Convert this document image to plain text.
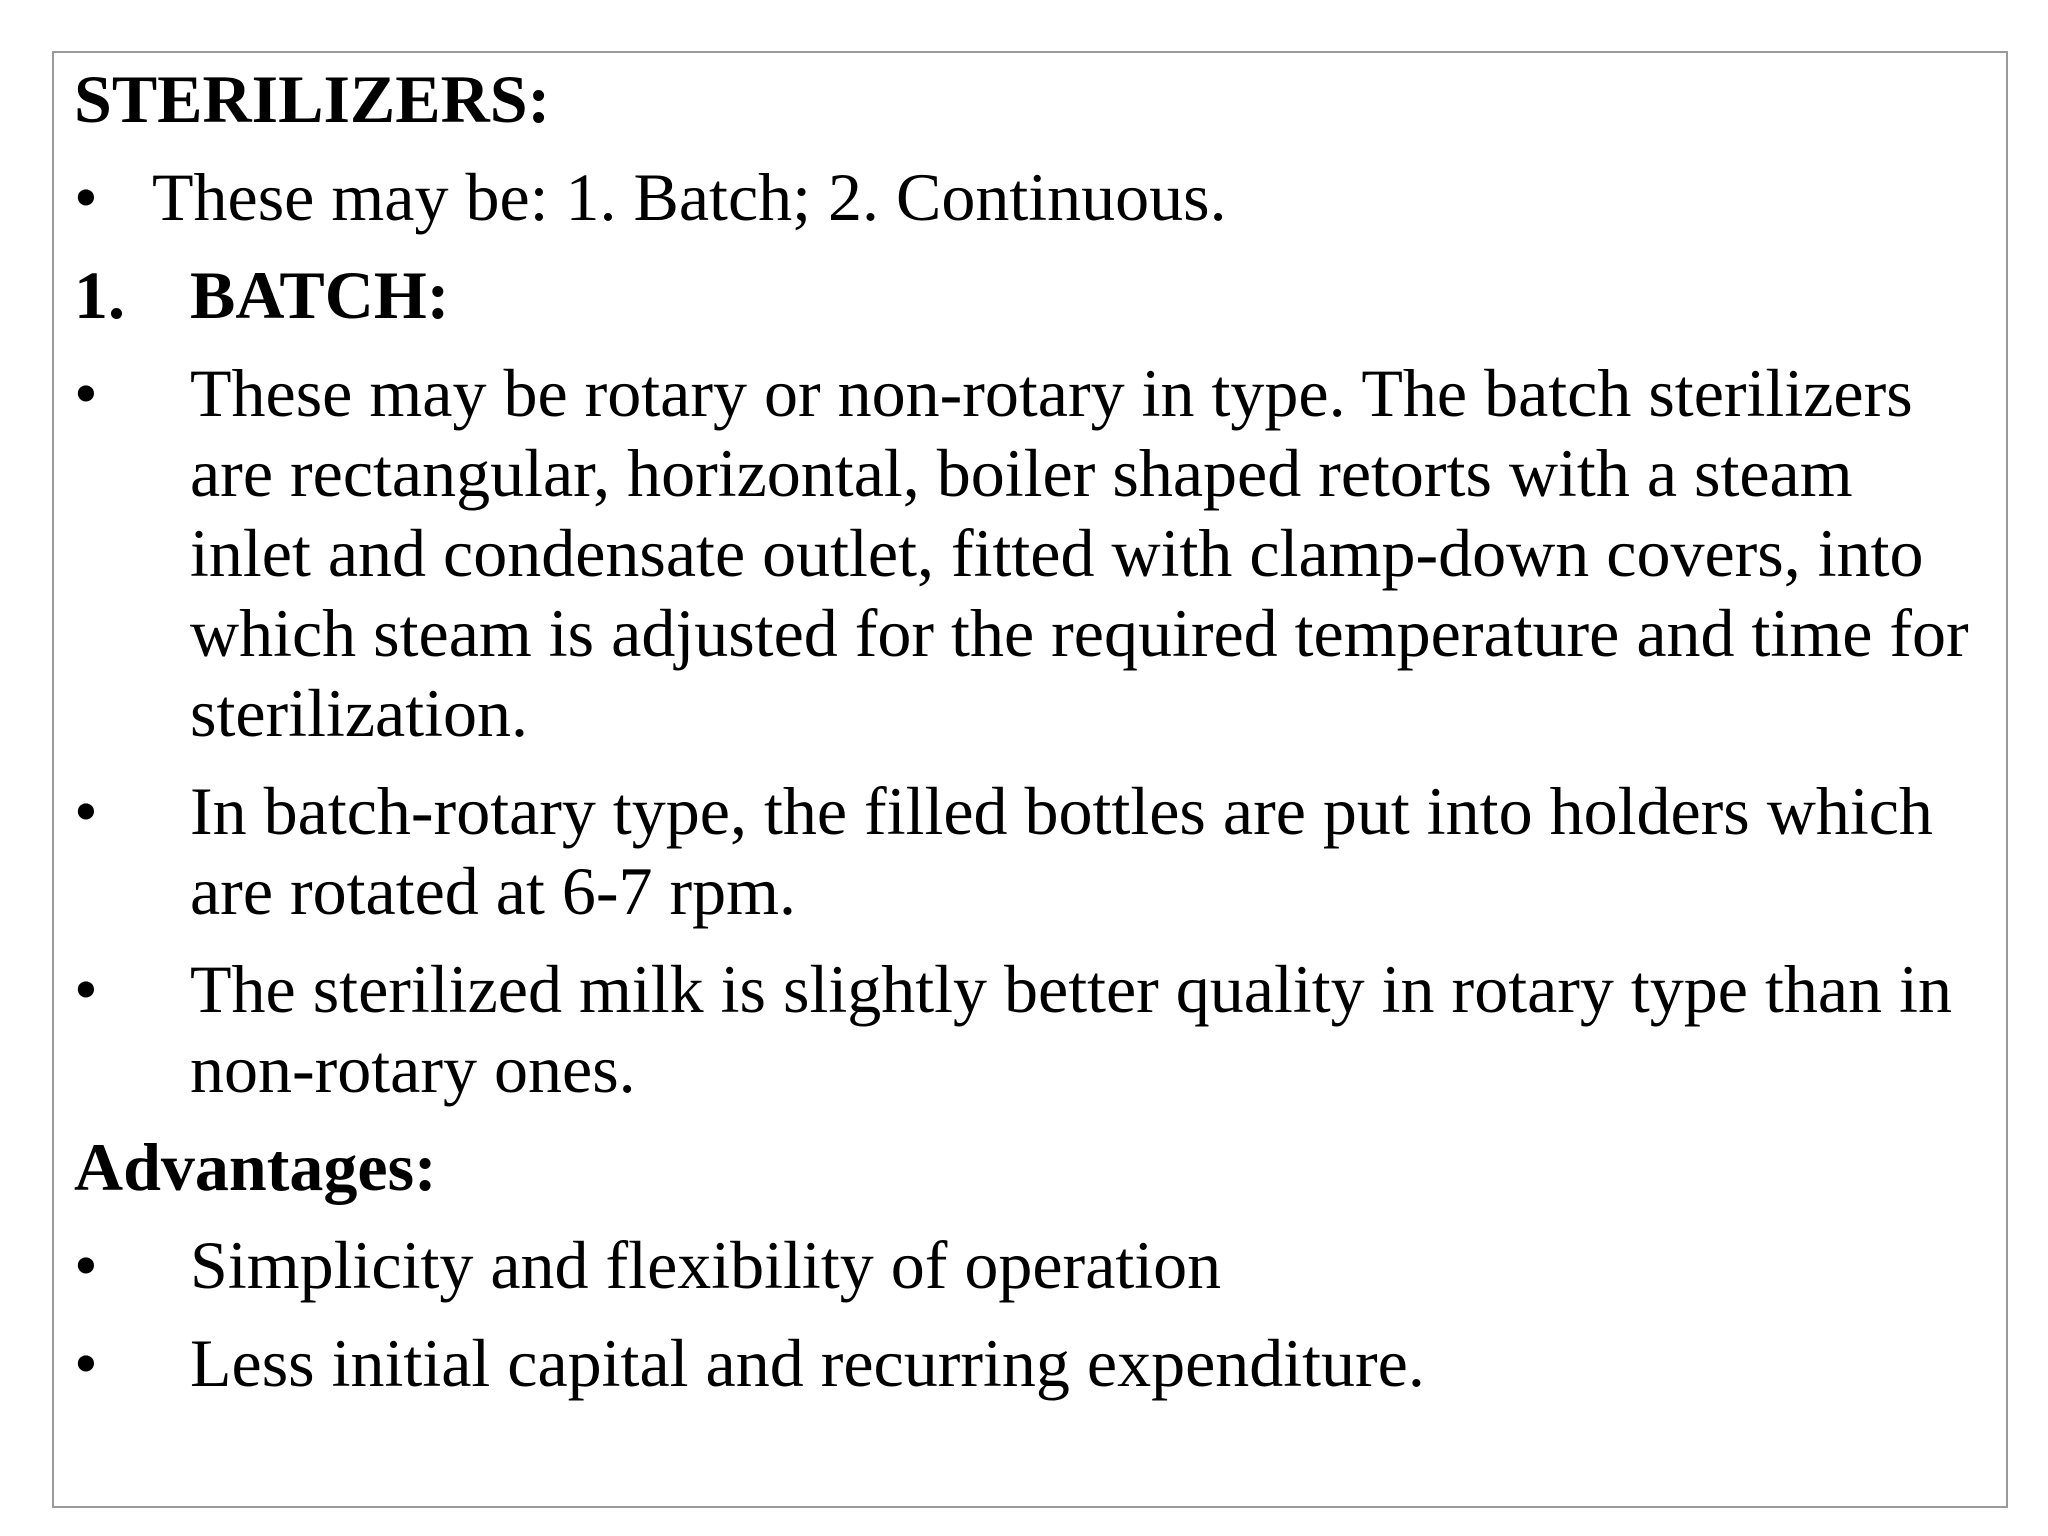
STERILIZERS:

• These may be: 1. Batch; 2. Continuous.

1. BATCH:

• These may be rotary or non-rotary in type. The batch sterilizers are rectangular, horizontal, boiler shaped retorts with a steam inlet and condensate outlet, fitted with clamp-down covers, into which steam is adjusted for the required temperature and time for sterilization.

• In batch-rotary type, the filled bottles are put into holders which are rotated at 6-7 rpm.

• The sterilized milk is slightly better quality in rotary type than in non-rotary ones.

Advantages:

• Simplicity and flexibility of operation

• Less initial capital and recurring expenditure.
